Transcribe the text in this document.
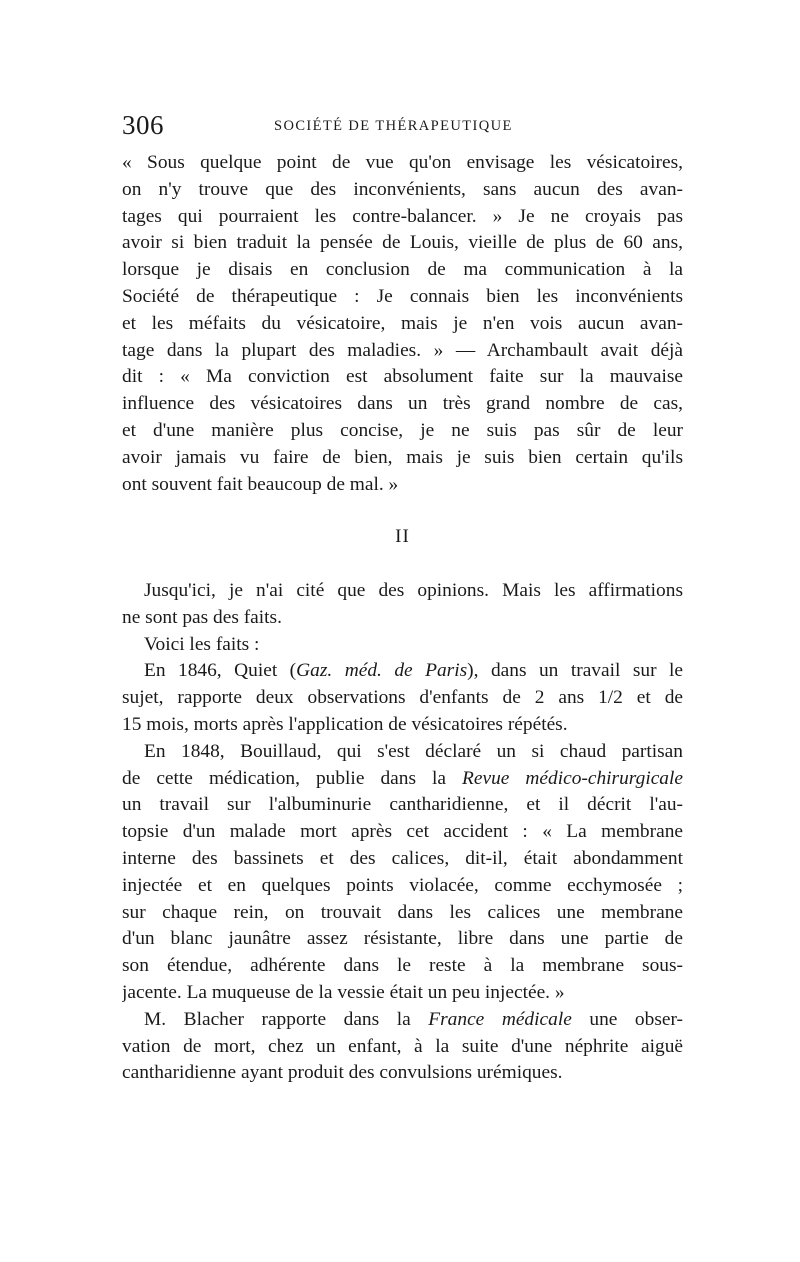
306	SOCIÉTÉ DE THÉRAPEUTIQUE
« Sous quelque point de vue qu'on envisage les vésicatoires,
on n'y trouve que des inconvénients, sans aucun des avan-
tages qui pourraient les contre-balancer. » Je ne croyais pas
avoir si bien traduit la pensée de Louis, vieille de plus de 60 ans,
lorsque je disais en conclusion de ma communication à la
Société de thérapeutique : Je connais bien les inconvénients
et les méfaits du vésicatoire, mais je n'en vois aucun avan-
tage dans la plupart des maladies. » — Archambault avait déjà
dit : « Ma conviction est absolument faite sur la mauvaise
influence des vésicatoires dans un très grand nombre de cas,
et d'une manière plus concise, je ne suis pas sûr de leur
avoir jamais vu faire de bien, mais je suis bien certain qu'ils
ont souvent fait beaucoup de mal. »
II
Jusqu'ici, je n'ai cité que des opinions. Mais les affirmations
ne sont pas des faits.
Voici les faits :
En 1846, Quiet (Gaz. méd. de Paris), dans un travail sur le
sujet, rapporte deux observations d'enfants de 2 ans 1/2 et de
15 mois, morts après l'application de vésicatoires répétés.
En 1848, Bouillaud, qui s'est déclaré un si chaud partisan
de cette médication, publie dans la Revue médico-chirurgicale
un travail sur l'albuminurie cantharidienne, et il décrit l'au-
topsie d'un malade mort après cet accident : « La membrane
interne des bassinets et des calices, dit-il, était abondamment
injectée et en quelques points violacée, comme ecchymosée ;
sur chaque rein, on trouvait dans les calices une membrane
d'un blanc jaunâtre assez résistante, libre dans une partie de
son étendue, adhérente dans le reste à la membrane sous-
jacente. La muqueuse de la vessie était un peu injectée. »
M. Blacher rapporte dans la France médicale une obser-
vation de mort, chez un enfant, à la suite d'une néphrite aiguë
cantharidienne ayant produit des convulsions urémiques.
